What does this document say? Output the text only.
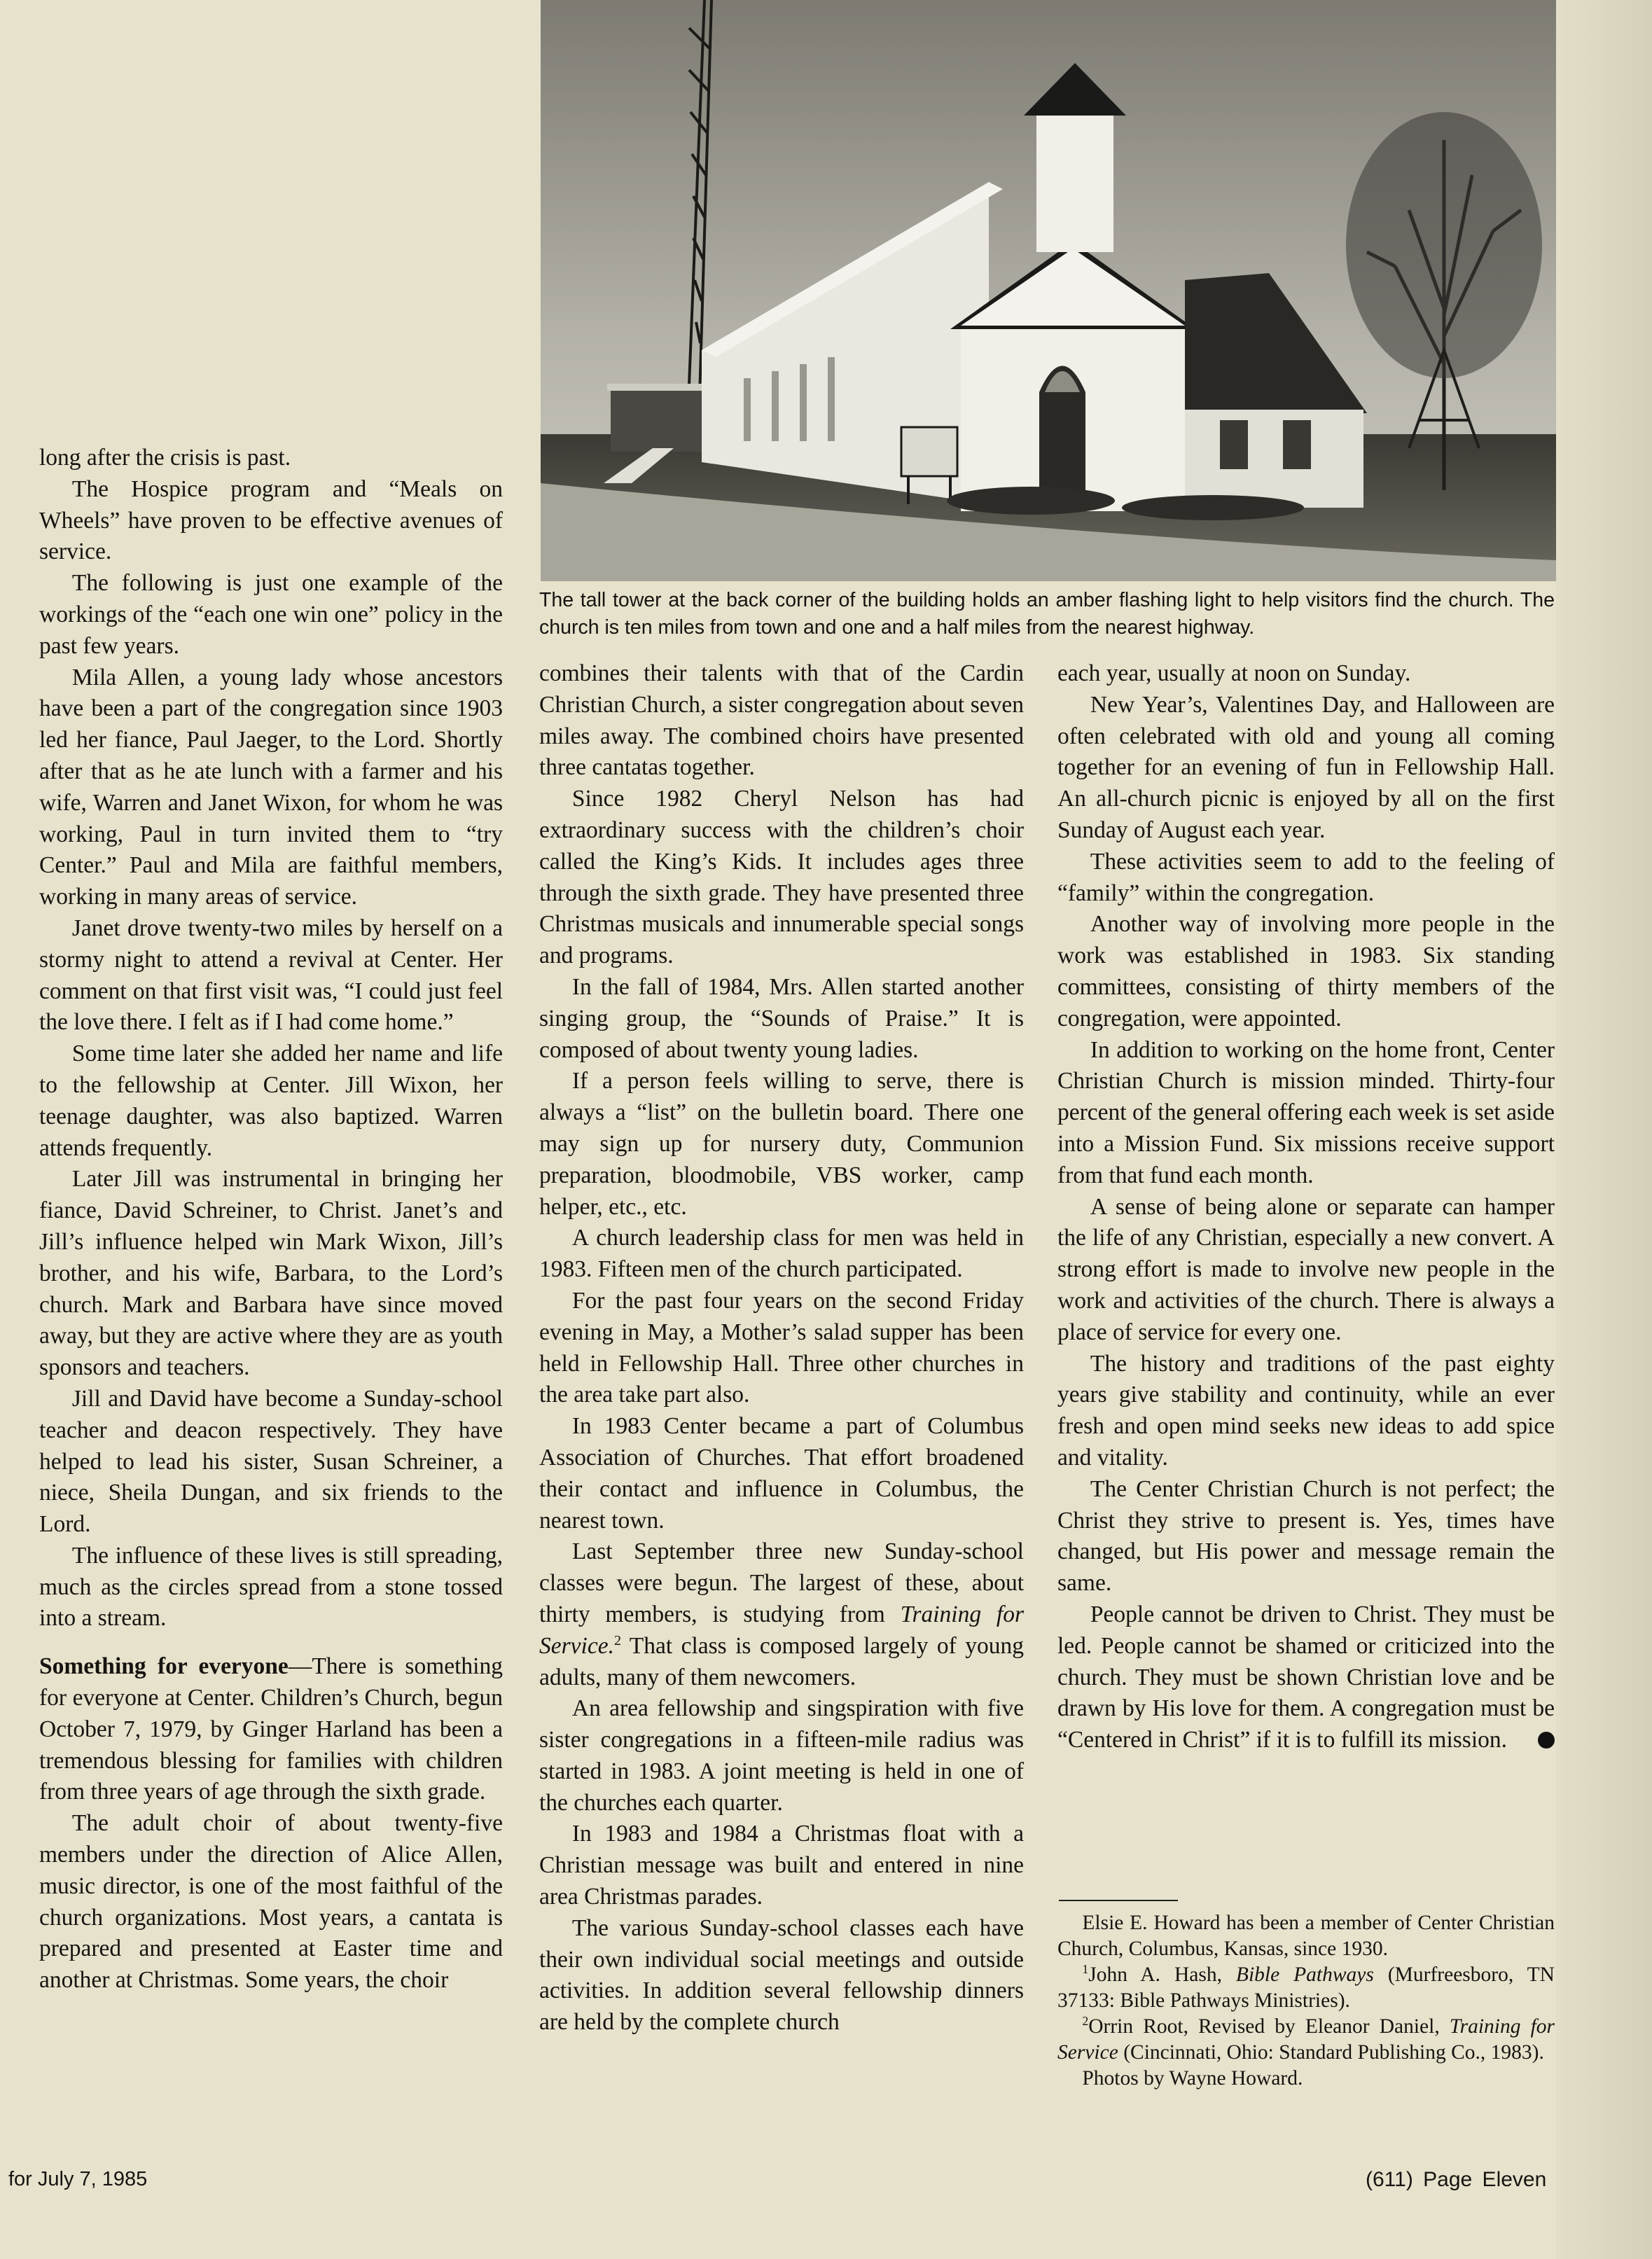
The tall tower at the back corner of the building holds an amber flashing light to help visitors find the church. The church is ten miles from town and one and a half miles from the nearest highway.

long after the crisis is past.

The Hospice program and “Meals on Wheels” have proven to be effective avenues of service.

The following is just one example of the workings of the “each one win one” policy in the past few years.

Mila Allen, a young lady whose ancestors have been a part of the congregation since 1903 led her fiance, Paul Jaeger, to the Lord. Shortly after that as he ate lunch with a farmer and his wife, Warren and Janet Wixon, for whom he was working, Paul in turn invited them to “try Center.” Paul and Mila are faithful members, working in many areas of service.

Janet drove twenty-two miles by herself on a stormy night to attend a revival at Center. Her comment on that first visit was, “I could just feel the love there. I felt as if I had come home.”

Some time later she added her name and life to the fellowship at Center. Jill Wixon, her teenage daughter, was also baptized. Warren attends frequently.

Later Jill was instrumental in bringing her fiance, David Schreiner, to Christ. Janet’s and Jill’s influence helped win Mark Wixon, Jill’s brother, and his wife, Barbara, to the Lord’s church. Mark and Barbara have since moved away, but they are active where they are as youth sponsors and teachers.

Jill and David have become a Sunday-school teacher and deacon respectively. They have helped to lead his sister, Susan Schreiner, a niece, Sheila Dungan, and six friends to the Lord.

The influence of these lives is still spreading, much as the circles spread from a stone tossed into a stream.

Something for everyone—There is something for everyone at Center. Children’s Church, begun October 7, 1979, by Ginger Harland has been a tremendous blessing for families with children from three years of age through the sixth grade.

The adult choir of about twenty-five members under the direction of Alice Allen, music director, is one of the most faithful of the church organizations. Most years, a cantata is prepared and presented at Easter time and another at Christmas. Some years, the choir

combines their talents with that of the Cardin Christian Church, a sister congregation about seven miles away. The combined choirs have presented three cantatas together.

Since 1982 Cheryl Nelson has had extraordinary success with the children’s choir called the King’s Kids. It includes ages three through the sixth grade. They have presented three Christmas musicals and innumerable special songs and programs.

In the fall of 1984, Mrs. Allen started another singing group, the “Sounds of Praise.” It is composed of about twenty young ladies.

If a person feels willing to serve, there is always a “list” on the bulletin board. There one may sign up for nursery duty, Communion preparation, bloodmobile, VBS worker, camp helper, etc., etc.

A church leadership class for men was held in 1983. Fifteen men of the church participated.

For the past four years on the second Friday evening in May, a Mother’s salad supper has been held in Fellowship Hall. Three other churches in the area take part also.

In 1983 Center became a part of Columbus Association of Churches. That effort broadened their contact and influence in Columbus, the nearest town.

Last September three new Sunday-school classes were begun. The largest of these, about thirty members, is studying from Training for Service.$^2$ That class is composed largely of young adults, many of them newcomers.

An area fellowship and singspiration with five sister congregations in a fifteen-mile radius was started in 1983. A joint meeting is held in one of the churches each quarter.

In 1983 and 1984 a Christmas float with a Christian message was built and entered in nine area Christmas parades.

The various Sunday-school classes each have their own individual social meetings and outside activities. In addition several fellowship dinners are held by the complete church

each year, usually at noon on Sunday.

New Year’s, Valentines Day, and Halloween are often celebrated with old and young all coming together for an evening of fun in Fellowship Hall. An all-church picnic is enjoyed by all on the first Sunday of August each year.

These activities seem to add to the feeling of “family” within the congregation.

Another way of involving more people in the work was established in 1983. Six standing committees, consisting of thirty members of the congregation, were appointed.

In addition to working on the home front, Center Christian Church is mission minded. Thirty-four percent of the general offering each week is set aside into a Mission Fund. Six missions receive support from that fund each month.

A sense of being alone or separate can hamper the life of any Christian, especially a new convert. A strong effort is made to involve new people in the work and activities of the church. There is always a place of service for every one.

The history and traditions of the past eighty years give stability and continuity, while an ever fresh and open mind seeks new ideas to add spice and vitality.

The Center Christian Church is not perfect; the Christ they strive to present is. Yes, times have changed, but His power and message remain the same.

People cannot be driven to Christ. They must be led. People cannot be shamed or criticized into the church. They must be shown Christian love and be drawn by His love for them. A congregation must be “Centered in Christ” if it is to fulfill its mission.

Elsie E. Howard has been a member of Center Christian Church, Columbus, Kansas, since 1930.

$^1$John A. Hash, Bible Pathways (Murfreesboro, TN 37133: Bible Pathways Ministries).

$^2$Orrin Root, Revised by Eleanor Daniel, Training for Service (Cincinnati, Ohio: Standard Publishing Co., 1983).

Photos by Wayne Howard.

for July 7, 1985	(611) Page Eleven
